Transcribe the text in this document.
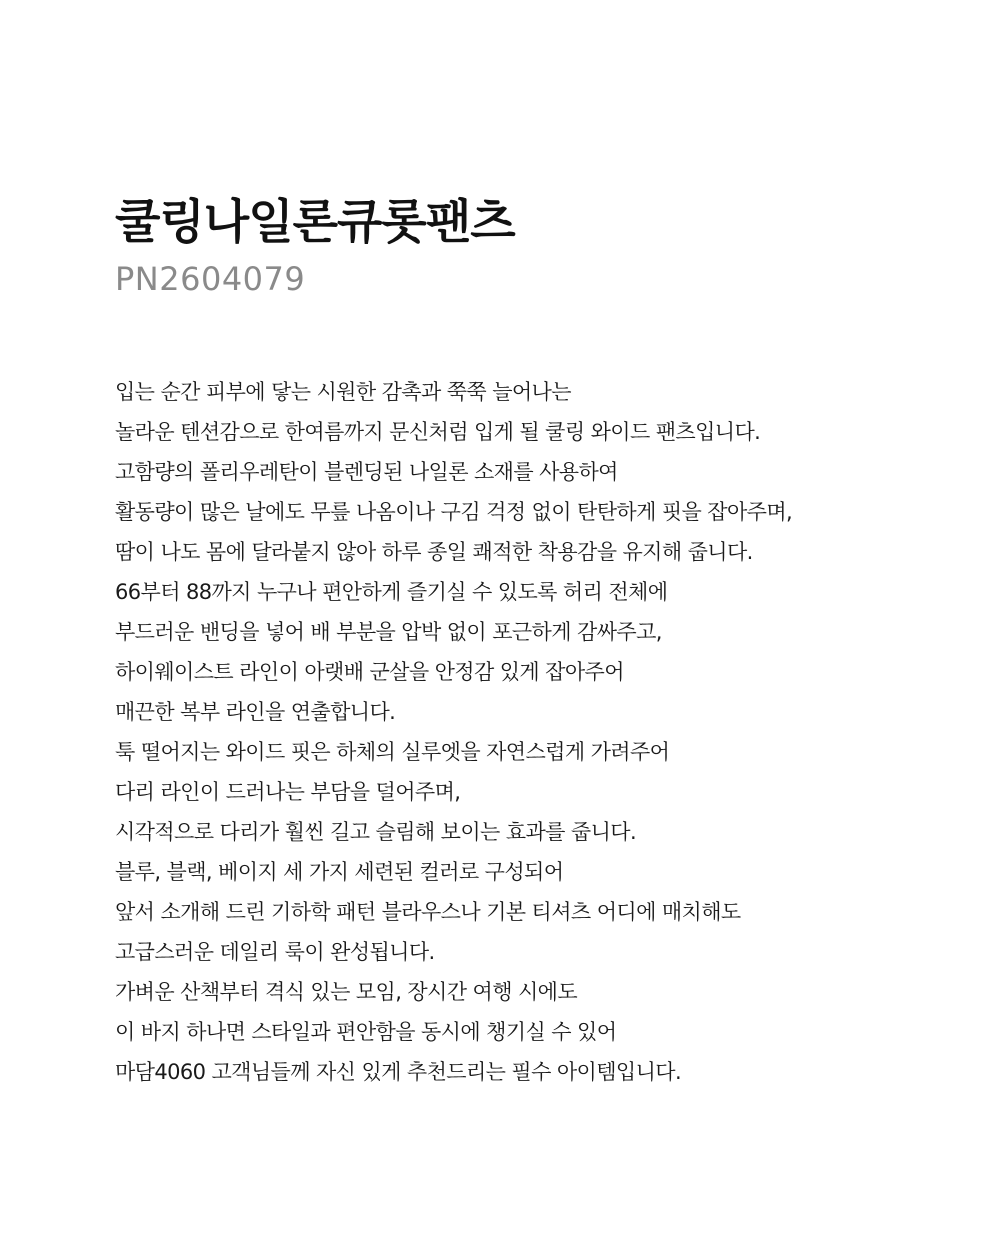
쿨링나일론큐롯팬츠

PN2604079

입는 순간 피부에 닿는 시원한 감촉과 쭉쭉 늘어나는
놀라운 텐션감으로 한여름까지 문신처럼 입게 될 쿨링 와이드 팬츠입니다.
고함량의 폴리우레탄이 블렌딩된 나일론 소재를 사용하여
활동량이 많은 날에도 무릎 나옴이나 구김 걱정 없이 탄탄하게 핏을 잡아주며,
땀이 나도 몸에 달라붙지 않아 하루 종일 쾌적한 착용감을 유지해 줍니다.
66부터 88까지 누구나 편안하게 즐기실 수 있도록 허리 전체에
부드러운 밴딩을 넣어 배 부분을 압박 없이 포근하게 감싸주고,
하이웨이스트 라인이 아랫배 군살을 안정감 있게 잡아주어
매끈한 복부 라인을 연출합니다.
툭 떨어지는 와이드 핏은 하체의 실루엣을 자연스럽게 가려주어
다리 라인이 드러나는 부담을 덜어주며,
시각적으로 다리가 훨씬 길고 슬림해 보이는 효과를 줍니다.
블루, 블랙, 베이지 세 가지 세련된 컬러로 구성되어
앞서 소개해 드린 기하학 패턴 블라우스나 기본 티셔츠 어디에 매치해도
고급스러운 데일리 룩이 완성됩니다.
가벼운 산책부터 격식 있는 모임, 장시간 여행 시에도
이 바지 하나면 스타일과 편안함을 동시에 챙기실 수 있어
마담4060 고객님들께 자신 있게 추천드리는 필수 아이템입니다.
